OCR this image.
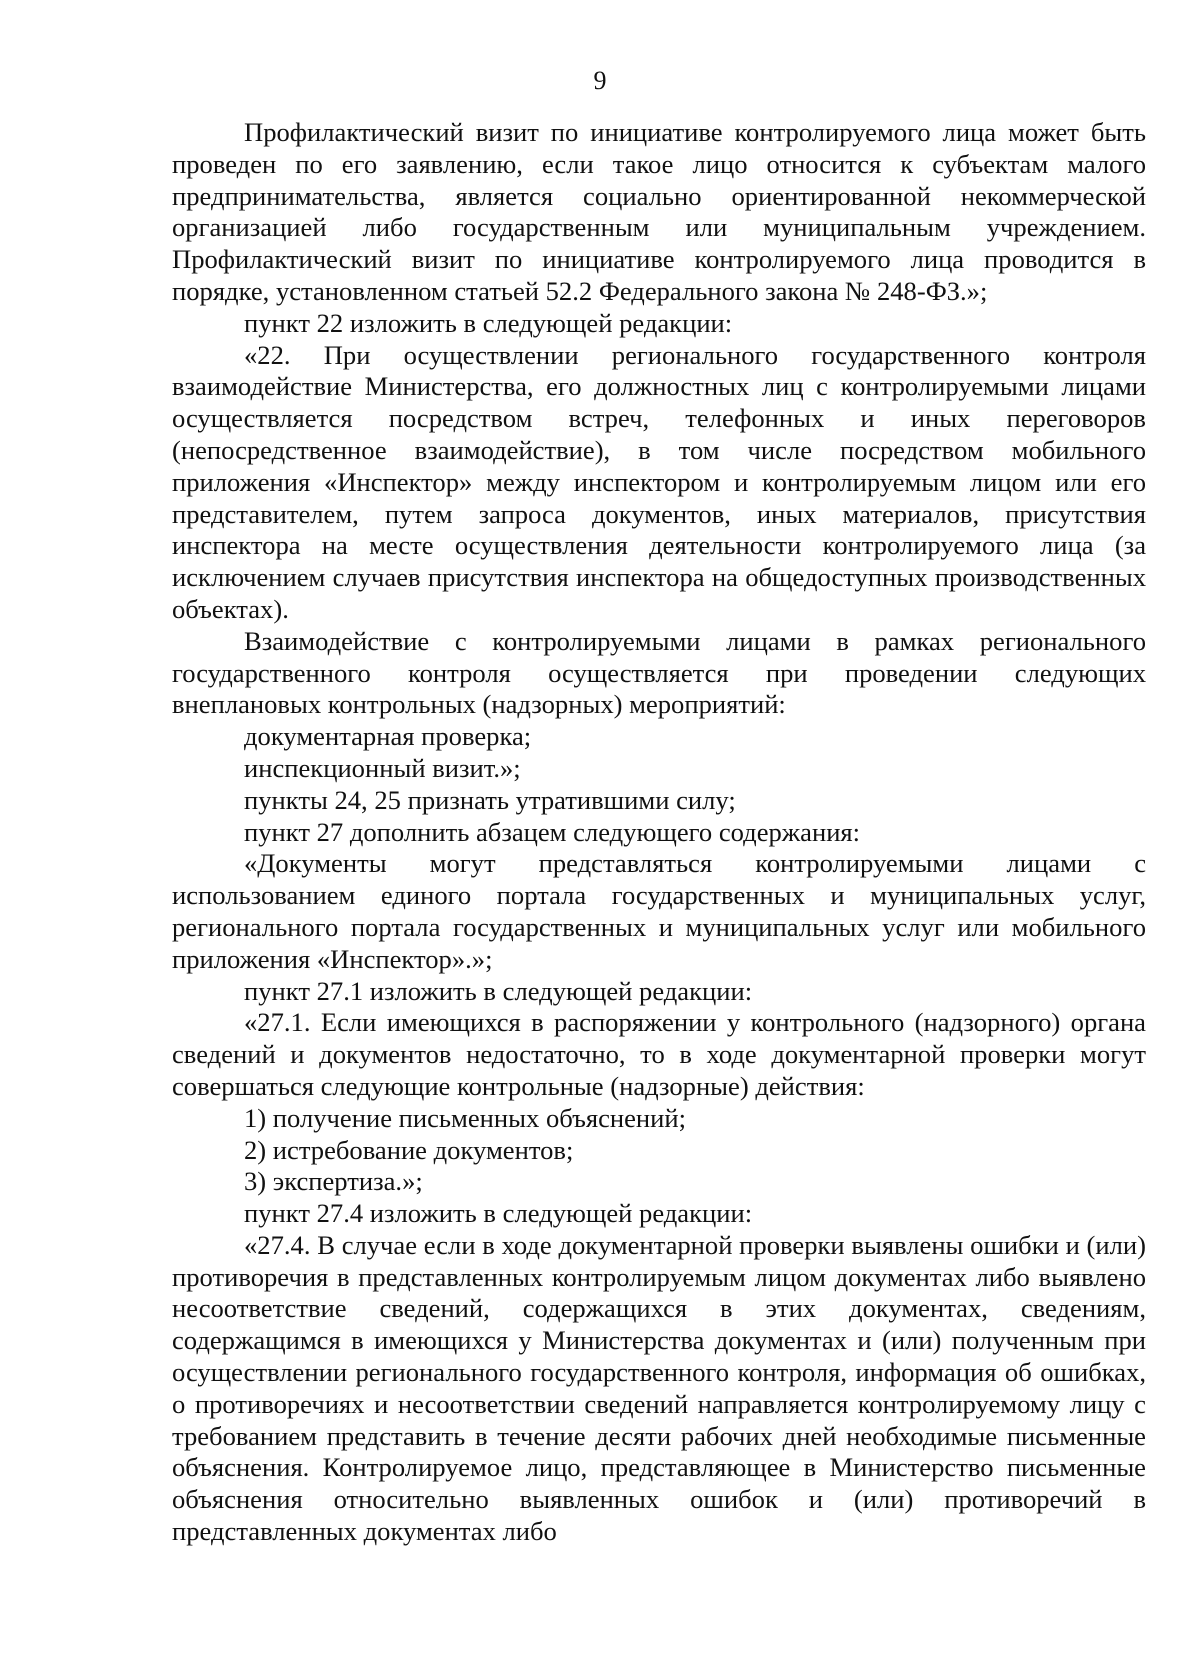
9

Профилактический визит по инициативе контролируемого лица может быть проведен по его заявлению, если такое лицо относится к субъектам малого предпринимательства, является социально ориентированной некоммерческой организацией либо государственным или муниципальным учреждением. Профилактический визит по инициативе контролируемого лица проводится в порядке, установленном статьей 52.2 Федерального закона № 248-ФЗ.»;

пункт 22 изложить в следующей редакции:

«22. При осуществлении регионального государственного контроля взаимодействие Министерства, его должностных лиц с контролируемыми лицами осуществляется посредством встреч, телефонных и иных переговоров (непосредственное взаимодействие), в том числе посредством мобильного приложения «Инспектор» между инспектором и контролируемым лицом или его представителем, путем запроса документов, иных материалов, присутствия инспектора на месте осуществления деятельности контролируемого лица (за исключением случаев присутствия инспектора на общедоступных производственных объектах).

Взаимодействие с контролируемыми лицами в рамках регионального государственного контроля осуществляется при проведении следующих внеплановых контрольных (надзорных) мероприятий:

документарная проверка;

инспекционный визит.»;

пункты 24, 25 признать утратившими силу;

пункт 27 дополнить абзацем следующего содержания:

«Документы могут представляться контролируемыми лицами с использованием единого портала государственных и муниципальных услуг, регионального портала государственных и муниципальных услуг или мобильного приложения «Инспектор».»;

пункт 27.1 изложить в следующей редакции:

«27.1. Если имеющихся в распоряжении у контрольного (надзорного) органа сведений и документов недостаточно, то в ходе документарной проверки могут совершаться следующие контрольные (надзорные) действия:

1) получение письменных объяснений;

2) истребование документов;

3) экспертиза.»;

пункт 27.4 изложить в следующей редакции:

«27.4. В случае если в ходе документарной проверки выявлены ошибки и (или) противоречия в представленных контролируемым лицом документах либо выявлено несоответствие сведений, содержащихся в этих документах, сведениям, содержащимся в имеющихся у Министерства документах и (или) полученным при осуществлении регионального государственного контроля, информация об ошибках, о противоречиях и несоответствии сведений направляется контролируемому лицу с требованием представить в течение десяти рабочих дней необходимые письменные объяснения. Контролируемое лицо, представляющее в Министерство письменные объяснения относительно выявленных ошибок и (или) противоречий в представленных документах либо
